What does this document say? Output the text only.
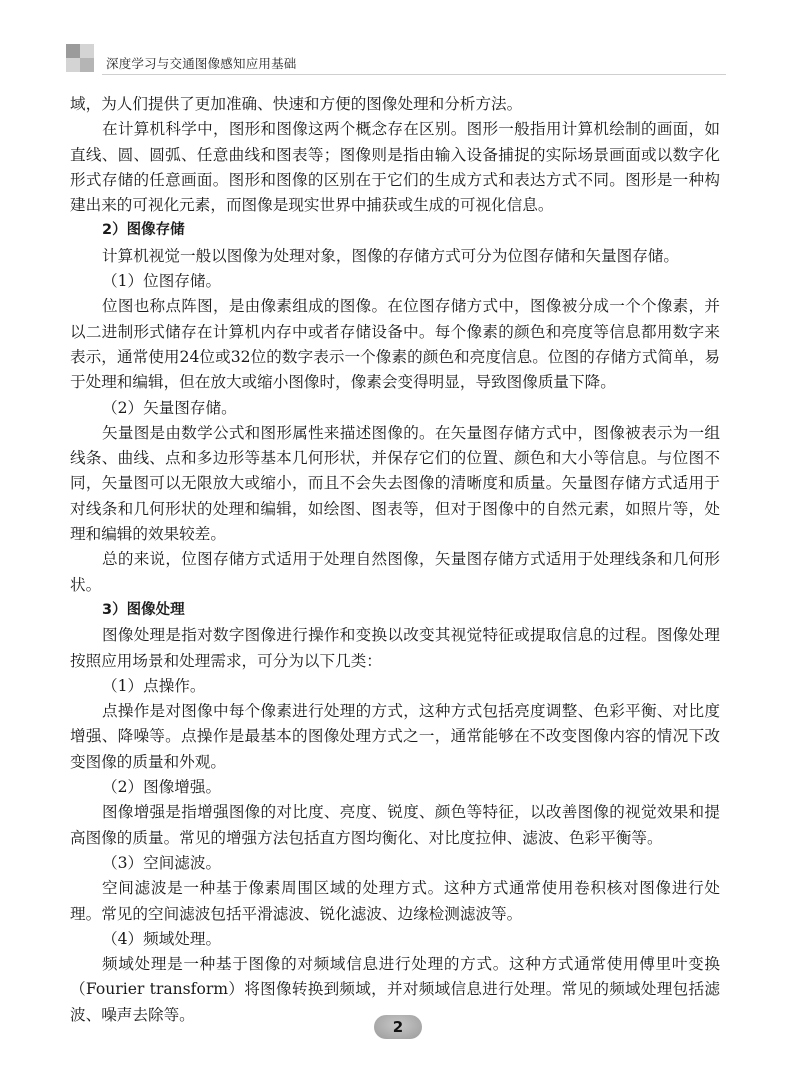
深度学习与交通图像感知应用基础

域，为人们提供了更加准确、快速和方便的图像处理和分析方法。

在计算机科学中，图形和图像这两个概念存在区别。图形一般指用计算机绘制的画面，如直线、圆、圆弧、任意曲线和图表等；图像则是指由输入设备捕捉的实际场景画面或以数字化形式存储的任意画面。图形和图像的区别在于它们的生成方式和表达方式不同。图形是一种构建出来的可视化元素，而图像是现实世界中捕获或生成的可视化信息。

2）图像存储

计算机视觉一般以图像为处理对象，图像的存储方式可分为位图存储和矢量图存储。

（1）位图存储。

位图也称点阵图，是由像素组成的图像。在位图存储方式中，图像被分成一个个像素，并以二进制形式储存在计算机内存中或者存储设备中。每个像素的颜色和亮度等信息都用数字来表示，通常使用24位或32位的数字表示一个像素的颜色和亮度信息。位图的存储方式简单，易于处理和编辑，但在放大或缩小图像时，像素会变得明显，导致图像质量下降。

（2）矢量图存储。

矢量图是由数学公式和图形属性来描述图像的。在矢量图存储方式中，图像被表示为一组线条、曲线、点和多边形等基本几何形状，并保存它们的位置、颜色和大小等信息。与位图不同，矢量图可以无限放大或缩小，而且不会失去图像的清晰度和质量。矢量图存储方式适用于对线条和几何形状的处理和编辑，如绘图、图表等，但对于图像中的自然元素，如照片等，处理和编辑的效果较差。

总的来说，位图存储方式适用于处理自然图像，矢量图存储方式适用于处理线条和几何形状。

3）图像处理

图像处理是指对数字图像进行操作和变换以改变其视觉特征或提取信息的过程。图像处理按照应用场景和处理需求，可分为以下几类：

（1）点操作。

点操作是对图像中每个像素进行处理的方式，这种方式包括亮度调整、色彩平衡、对比度增强、降噪等。点操作是最基本的图像处理方式之一，通常能够在不改变图像内容的情况下改变图像的质量和外观。

（2）图像增强。

图像增强是指增强图像的对比度、亮度、锐度、颜色等特征，以改善图像的视觉效果和提高图像的质量。常见的增强方法包括直方图均衡化、对比度拉伸、滤波、色彩平衡等。

（3）空间滤波。

空间滤波是一种基于像素周围区域的处理方式。这种方式通常使用卷积核对图像进行处理。常见的空间滤波包括平滑滤波、锐化滤波、边缘检测滤波等。

（4）频域处理。

频域处理是一种基于图像的对频域信息进行处理的方式。这种方式通常使用傅里叶变换（Fourier transform）将图像转换到频域，并对频域信息进行处理。常见的频域处理包括滤波、噪声去除等。

2
